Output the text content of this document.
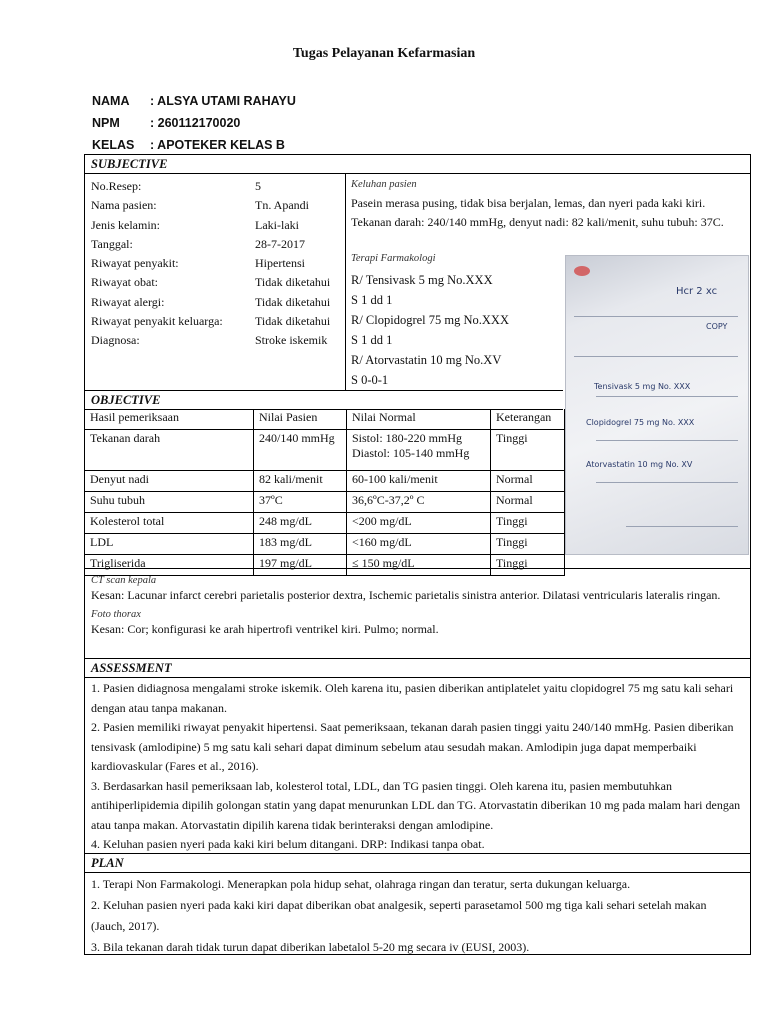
Tugas Pelayanan Kefarmasian
NAMA	: ALSYA UTAMI RAHAYU
NPM	: 260112170020
KELAS	: APOTEKER KELAS B
SUBJECTIVE
No.Resep:	5
Nama pasien:	Tn. Apandi
Jenis kelamin:	Laki-laki
Tanggal:	28-7-2017
Riwayat penyakit:	Hipertensi
Riwayat obat:	Tidak diketahui
Riwayat alergi:	Tidak diketahui
Riwayat penyakit keluarga:	Tidak diketahui
Diagnosa:	Stroke iskemik
Keluhan pasien
Pasein merasa pusing, tidak bisa berjalan, lemas, dan nyeri pada kaki kiri. Tekanan darah: 240/140 mmHg, denyut nadi: 82 kali/menit, suhu tubuh: 37C.
Terapi Farmakologi
R/ Tensivask 5 mg No.XXX
S 1 dd 1
R/ Clopidogrel 75 mg No.XXX
S 1 dd 1
R/ Atorvastatin 10 mg No.XV
S 0-0-1
OBJECTIVE
Hasil pemeriksaan	Nilai Pasien	Nilai Normal	Keterangan
Tekanan darah	240/140 mmHg	Sistol: 180-220 mmHg
Diastol: 105-140 mmHg	Tinggi
Denyut nadi	82 kali/menit	60-100 kali/menit	Normal
Suhu tubuh	37ºC	36,6ºC-37,2º C	Normal
Kolesterol total	248 mg/dL	<200 mg/dL	Tinggi
LDL	183 mg/dL	<160 mg/dL	Tinggi
Trigliserida	197 mg/dL	≤ 150 mg/dL	Tinggi
Hcr 2 xc
COPY
Tensivask 5 mg No. XXX
Clopidogrel 75 mg No. XXX
Atorvastatin 10 mg No. XV
CT scan kepala
Kesan: Lacunar infarct cerebri parietalis posterior dextra, Ischemic parietalis sinistra anterior. Dilatasi ventricularis lateralis ringan.
Foto thorax
Kesan: Cor; konfigurasi ke arah hipertrofi ventrikel kiri. Pulmo; normal.
ASSESSMENT
1. Pasien didiagnosa mengalami stroke iskemik. Oleh karena itu, pasien diberikan antiplatelet yaitu clopidogrel 75 mg satu kali sehari dengan atau tanpa makanan.
2. Pasien memiliki riwayat penyakit hipertensi. Saat pemeriksaan, tekanan darah pasien tinggi yaitu 240/140 mmHg. Pasien diberikan tensivask (amlodipine) 5 mg satu kali sehari dapat diminum sebelum atau sesudah makan. Amlodipin juga dapat memperbaiki kardiovaskular (Fares et al., 2016).
3. Berdasarkan hasil pemeriksaan lab, kolesterol total, LDL, dan TG pasien tinggi. Oleh karena itu, pasien membutuhkan antihiperlipidemia dipilih golongan statin yang dapat menurunkan LDL dan TG. Atorvastatin diberikan 10 mg pada malam hari dengan atau tanpa makan. Atorvastatin dipilih karena tidak berinteraksi dengan amlodipine.
4. Keluhan pasien nyeri pada kaki kiri belum ditangani. DRP: Indikasi tanpa obat.
PLAN
1. Terapi Non Farmakologi. Menerapkan pola hidup sehat, olahraga ringan dan teratur, serta dukungan keluarga.
2. Keluhan pasien nyeri pada kaki kiri dapat diberikan obat analgesik, seperti parasetamol 500 mg tiga kali sehari setelah makan (Jauch, 2017).
3. Bila tekanan darah tidak turun dapat diberikan labetalol 5-20 mg secara iv (EUSI, 2003).
